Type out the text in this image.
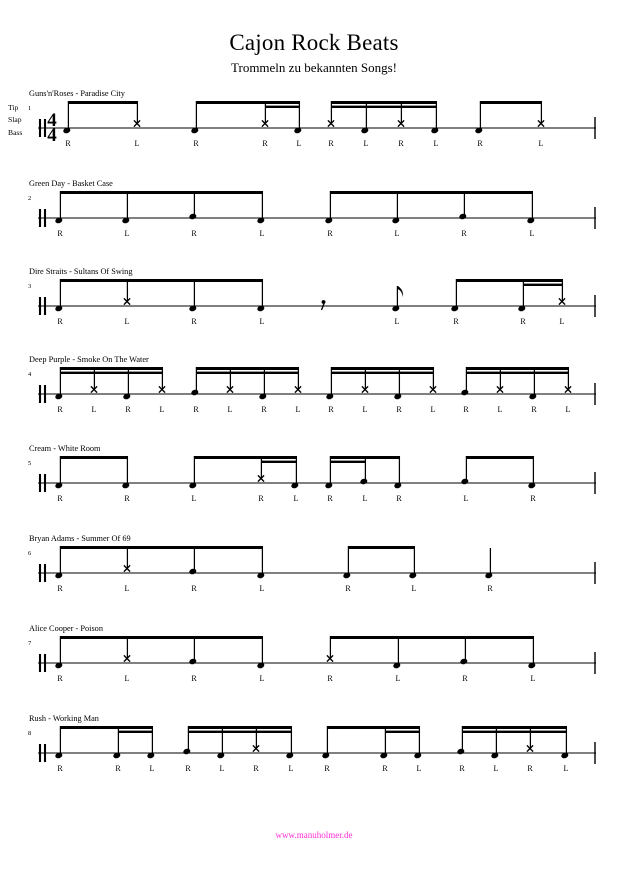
Cajon Rock Beats
Trommeln zu bekannten Songs!
Guns'n'Roses - Paradise City
1
Tip
Slap
Bass
4
4 R	L	R	R	L	R	L	R	L	R	L
Green Day - Basket Case
2
R	L	R	L	R	L	R	L
Dire Straits - Sultans Of Swing
3
R	L	R	L	L	R	R	L
Deep Purple - Smoke On The Water
4
R	L	R	L	R	L	R	L	R	L	R	L	R	L	R	L
Cream - White Room
5
R	R	L	R	L	R	L	R	L	R
Bryan Adams - Summer Of 69
6
R	L	R	L	R	L	R
Alice Cooper - Poison
7
R	L	R	L	R	L	R	L
Rush - Working Man
8
R	R	L	R	L	R	L	R	R	L	R	L	R	L
www.manuholmer.de
